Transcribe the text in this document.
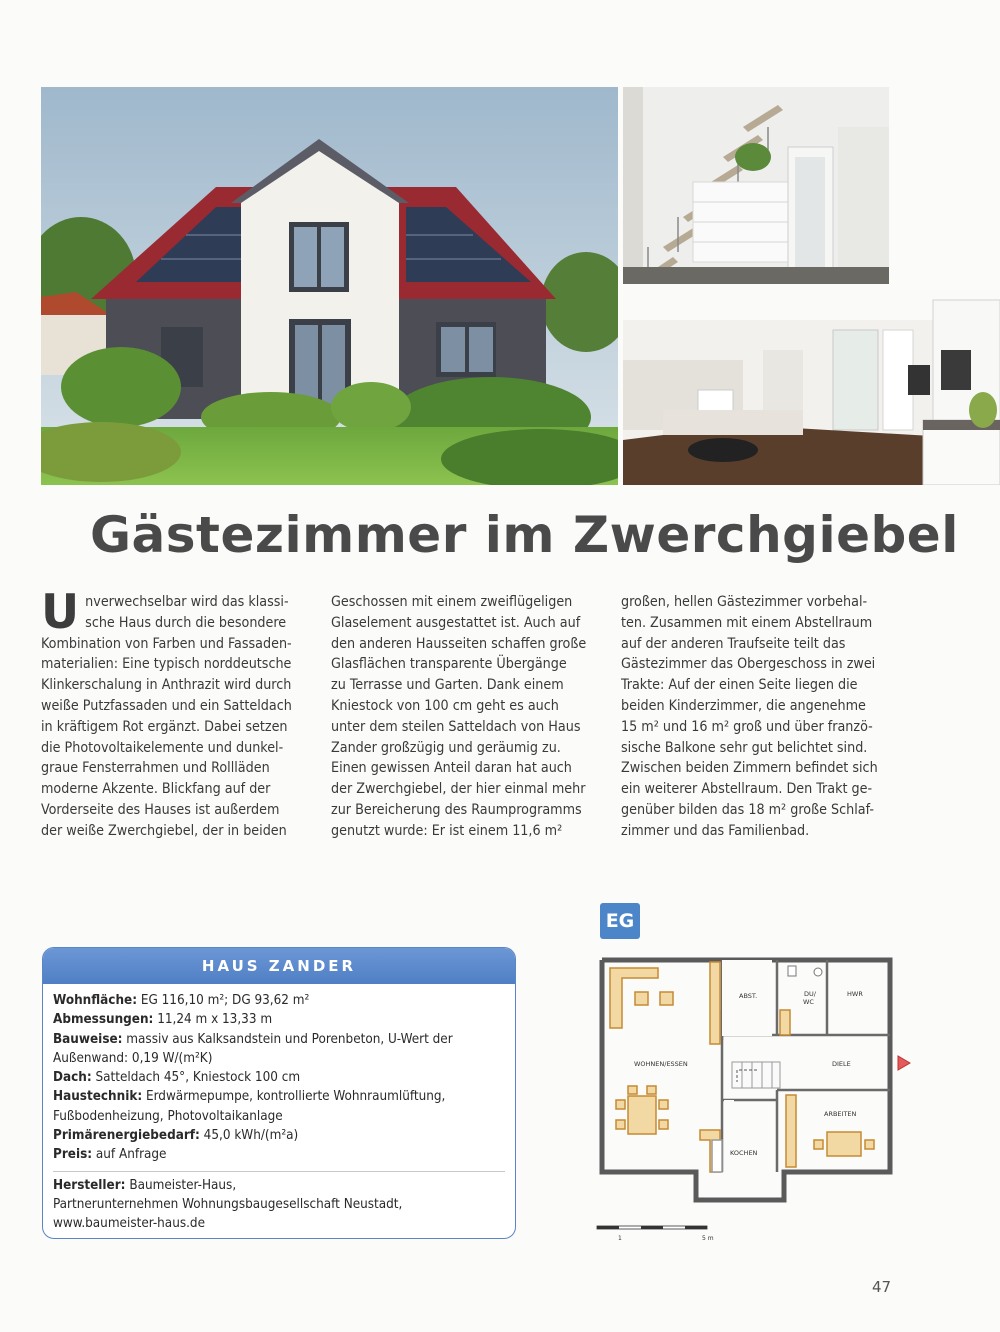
Gästezimmer im Zwerchgiebel
U nverwechselbar wird das klassi-
sche Haus durch die besondere
Kombination von Farben und Fassaden-
materialien: Eine typisch norddeutsche
Klinkerschalung in Anthrazit wird durch
weiße Putzfassaden und ein Satteldach
in kräftigem Rot ergänzt. Dabei setzen
die Photovoltaikelemente und dunkel-
graue Fensterrahmen und Rollläden
moderne Akzente. Blickfang auf der
Vorderseite des Hauses ist außerdem
der weiße Zwerchgiebel, der in beiden
Geschossen mit einem zweiflügeligen
Glaselement ausgestattet ist. Auch auf
den anderen Hausseiten schaffen große
Glasflächen transparente Übergänge
zu Terrasse und Garten. Dank einem
Kniestock von 100 cm geht es auch
unter dem steilen Satteldach von Haus
Zander großzügig und geräumig zu.
Einen gewissen Anteil daran hat auch
der Zwerchgiebel, der hier einmal mehr
zur Bereicherung des Raumprogramms
genutzt wurde: Er ist einem 11,6 m²
großen, hellen Gästezimmer vorbehal-
ten. Zusammen mit einem Abstellraum
auf der anderen Traufseite teilt das
Gästezimmer das Obergeschoss in zwei
Trakte: Auf der einen Seite liegen die
beiden Kinderzimmer, die angenehme
15 m² und 16 m² groß und über franzö-
sische Balkone sehr gut belichtet sind.
Zwischen beiden Zimmern befindet sich
ein weiterer Abstellraum. Den Trakt ge-
genüber bilden das 18 m² große Schlaf-
zimmer und das Familienbad.
HAUS ZANDER
Wohnfläche: EG 116,10 m²; DG 93,62 m²
Abmessungen: 11,24 m x 13,33 m
Bauweise: massiv aus Kalksandstein und Porenbeton, U-Wert der
Außenwand: 0,19 W/(m²K)
Dach: Satteldach 45°, Kniestock 100 cm
Haustechnik: Erdwärmepumpe, kontrollierte Wohnraumlüftung,
Fußbodenheizung, Photovoltaikanlage
Primärenergiebedarf: 45,0 kWh/(m²a)
Preis: auf Anfrage
Hersteller: Baumeister-Haus,
Partnerunternehmen Wohnungsbaugesellschaft Neustadt,
www.baumeister-haus.de
EG
WOHNEN/ESSEN
ABST.	DU/
WC
HWR
DIELE
ARBEITEN
KOCHEN
1	5 m
47
